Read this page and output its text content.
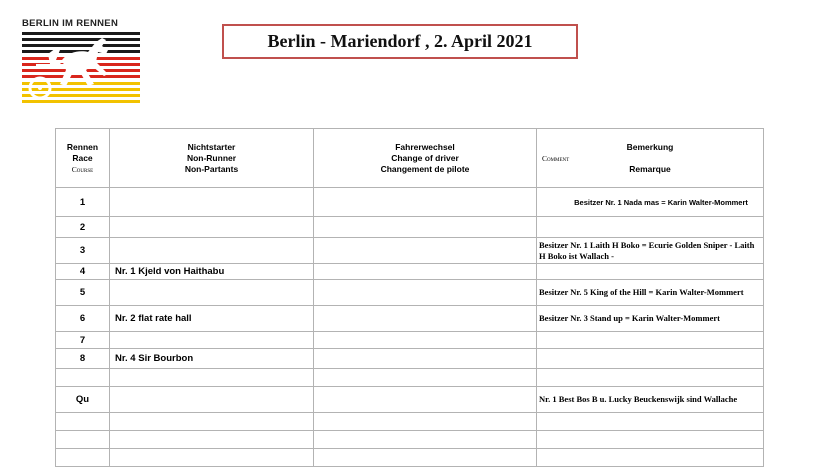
BERLIN IM RENNEN
Berlin - Mariendorf , 2. April 2021
Rennen
Race
Course	Nichtstarter
Non-Runner
Non-Partants	Fahrerwechsel
Change of driver
Changement de pilote	Bemerkung
Comment
Remarque

1			Besitzer Nr. 1 Nada mas = Karin Walter-Mommert
2			
3			Besitzer Nr. 1 Laith H Boko = Ecurie Golden Sniper - Laith H Boko ist Wallach -
4	Nr. 1 Kjeld von Haithabu		
5			Besitzer Nr. 5 King of the Hill = Karin Walter-Mommert
6	Nr. 2 flat rate hall		Besitzer Nr. 3 Stand up = Karin Walter-Mommert
7			
8	Nr. 4 Sir Bourbon		

Qu			Nr. 1 Best Bos B u. Lucky Beuckenswijk sind Wallache
